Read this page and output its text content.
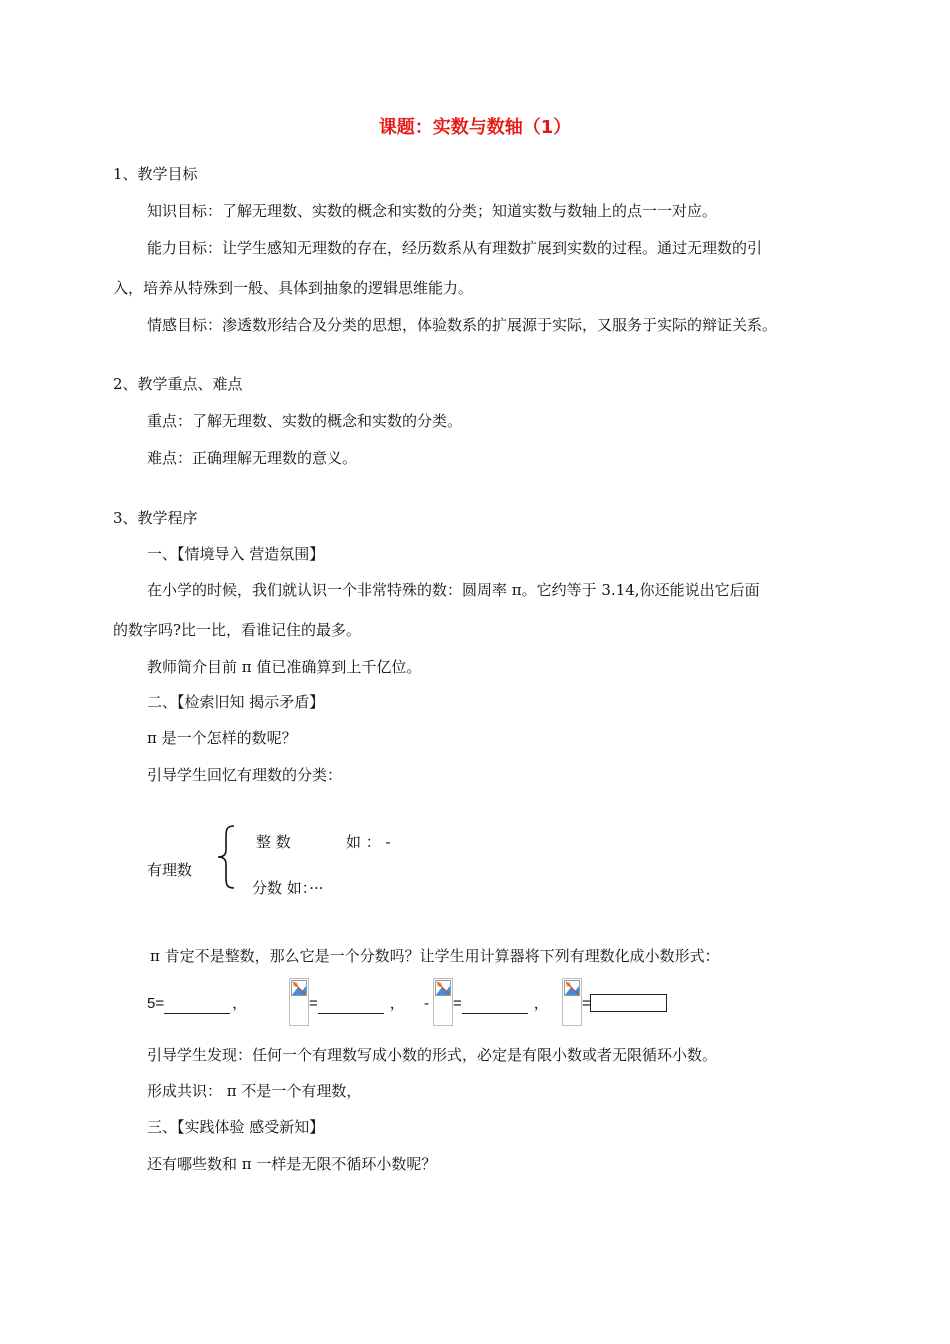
课题：实数与数轴（1）
1、教学目标
知识目标：了解无理数、实数的概念和实数的分类；知道实数与数轴上的点一一对应。
能力目标：让学生感知无理数的存在，经历数系从有理数扩展到实数的过程。通过无理数的引
入，培养从特殊到一般、具体到抽象的逻辑思维能力。
情感目标：渗透数形结合及分类的思想，体验数系的扩展源于实际，又服务于实际的辩证关系。
2、教学重点、难点
重点：了解无理数、实数的概念和实数的分类。
难点：正确理解无理数的意义。
3、教学程序
一、【情境导入 营造氛围】
在小学的时候，我们就认识一个非常特殊的数：圆周率 π。它约等于 3.14,你还能说出它后面
的数字吗?比一比，看谁记住的最多。
教师简介目前 π 值已准确算到上千亿位。
二、【检索旧知 揭示矛盾】
π 是一个怎样的数呢？
引导学生回忆有理数的分类：
有理数
整 数	如 ： -
分数 如：···
π 肯定不是整数，那么它是一个分数吗？让学生用计算器将下列有理数化成小数形式：
5=	，	=	， - =	， =
引导学生发现：任何一个有理数写成小数的形式，必定是有限小数或者无限循环小数。
形成共识： π 不是一个有理数，
三、【实践体验 感受新知】
还有哪些数和 π 一样是无限不循环小数呢？
